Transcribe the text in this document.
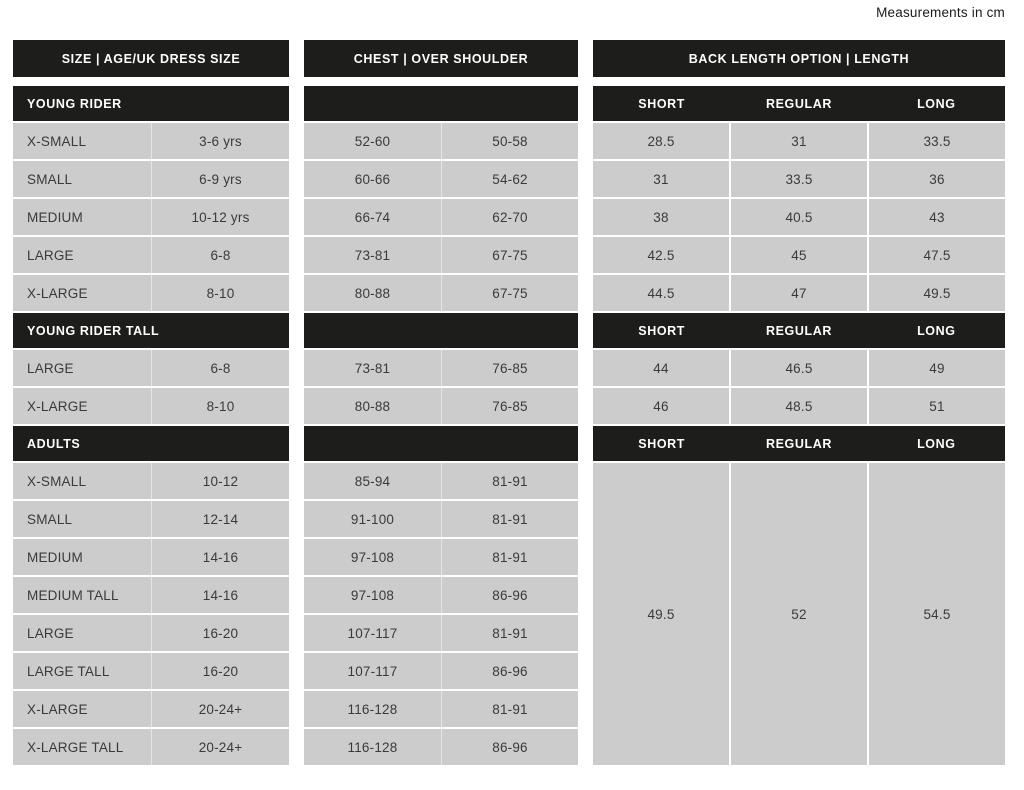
Measurements in cm
SIZE | AGE/UK DRESS SIZE
YOUNG RIDER
X-SMALL	3-6 yrs
SMALL	6-9 yrs
MEDIUM	10-12 yrs
LARGE	6-8
X-LARGE	8-10
YOUNG RIDER TALL
LARGE	6-8
X-LARGE	8-10
ADULTS
X-SMALL	10-12
SMALL	12-14
MEDIUM	14-16
MEDIUM TALL	14-16
LARGE	16-20
LARGE TALL	16-20
X-LARGE	20-24+
X-LARGE TALL	20-24+
CHEST | OVER SHOULDER
52-60	50-58
60-66	54-62
66-74	62-70
73-81	67-75
80-88	67-75
73-81	76-85
80-88	76-85
85-94	81-91
91-100	81-91
97-108	81-91
97-108	86-96
107-117	81-91
107-117	86-96
116-128	81-91
116-128	86-96
BACK LENGTH OPTION | LENGTH
SHORT	REGULAR	LONG
28.5	31	33.5
31	33.5	36
38	40.5	43
42.5	45	47.5
44.5	47	49.5
SHORT	REGULAR	LONG
44	46.5	49
46	48.5	51
SHORT	REGULAR	LONG
49.5	52	54.5
